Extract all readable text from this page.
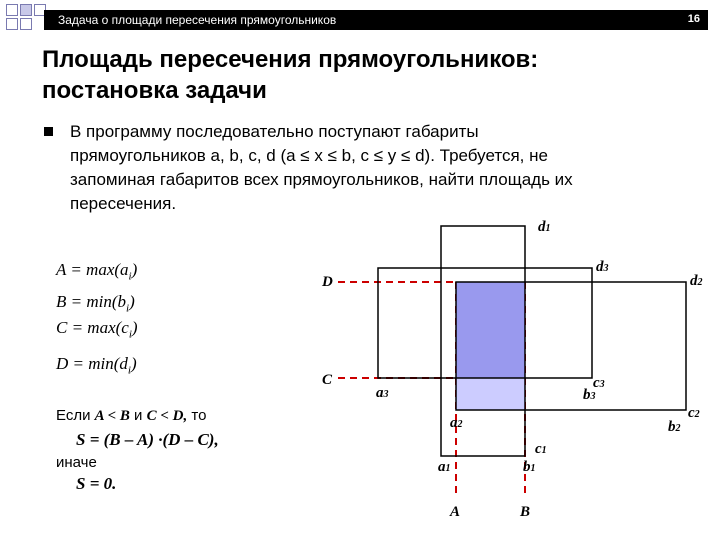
Задача о площади пересечения прямоугольников	16
Площадь пересечения прямоугольников:
постановка задачи
В программу последовательно поступают габариты
прямоугольников a, b, c, d (a ≤ x ≤ b, c ≤ y ≤ d). Требуется, не
запоминая габаритов всех прямоугольников, найти площадь их
пересечения.
$A = \max(a_i)$
$B = \min(b_i)$
$C = \max(c_i)$
$D = \min(d_i)$
Если A < B и C < D, то
S = (B – A) ·(D – C),
иначе
S = 0.
D
C
A	B
d1
d3
d2
a3
c3
b3
a2
c2
b2
c1
a1	b1
